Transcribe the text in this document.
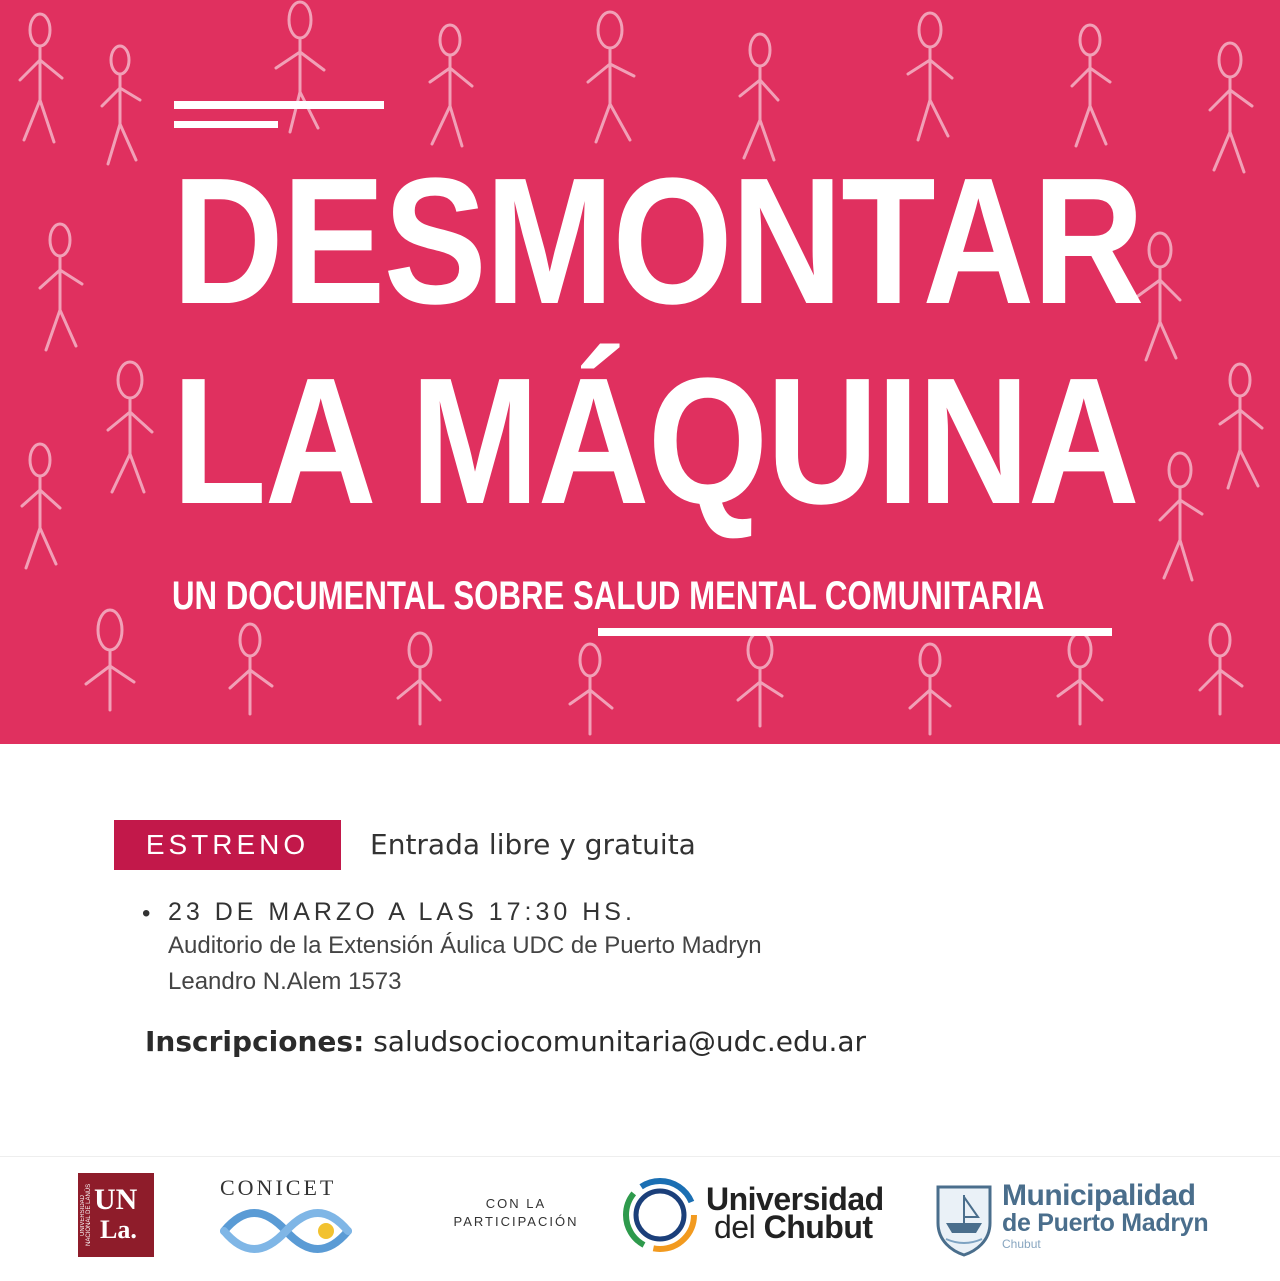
DESMONTAR
LA MÁQUINA
UN DOCUMENTAL SOBRE SALUD MENTAL COMUNITARIA
ESTRENO	Entrada libre y gratuita
• 23 DE MARZO A LAS 17:30 HS.
Auditorio de la Extensión Áulica UDC de Puerto Madryn
Leandro N.Alem 1573
Inscripciones: saludsociocomunitaria@udc.edu.ar
UNIVERSIDAD NACIONAL DE LANÚS UN
La.
CONICET
CON LA
PARTICIPACIÓN
Universidad
del Chubut
Municipalidad
de Puerto Madryn
Chubut
